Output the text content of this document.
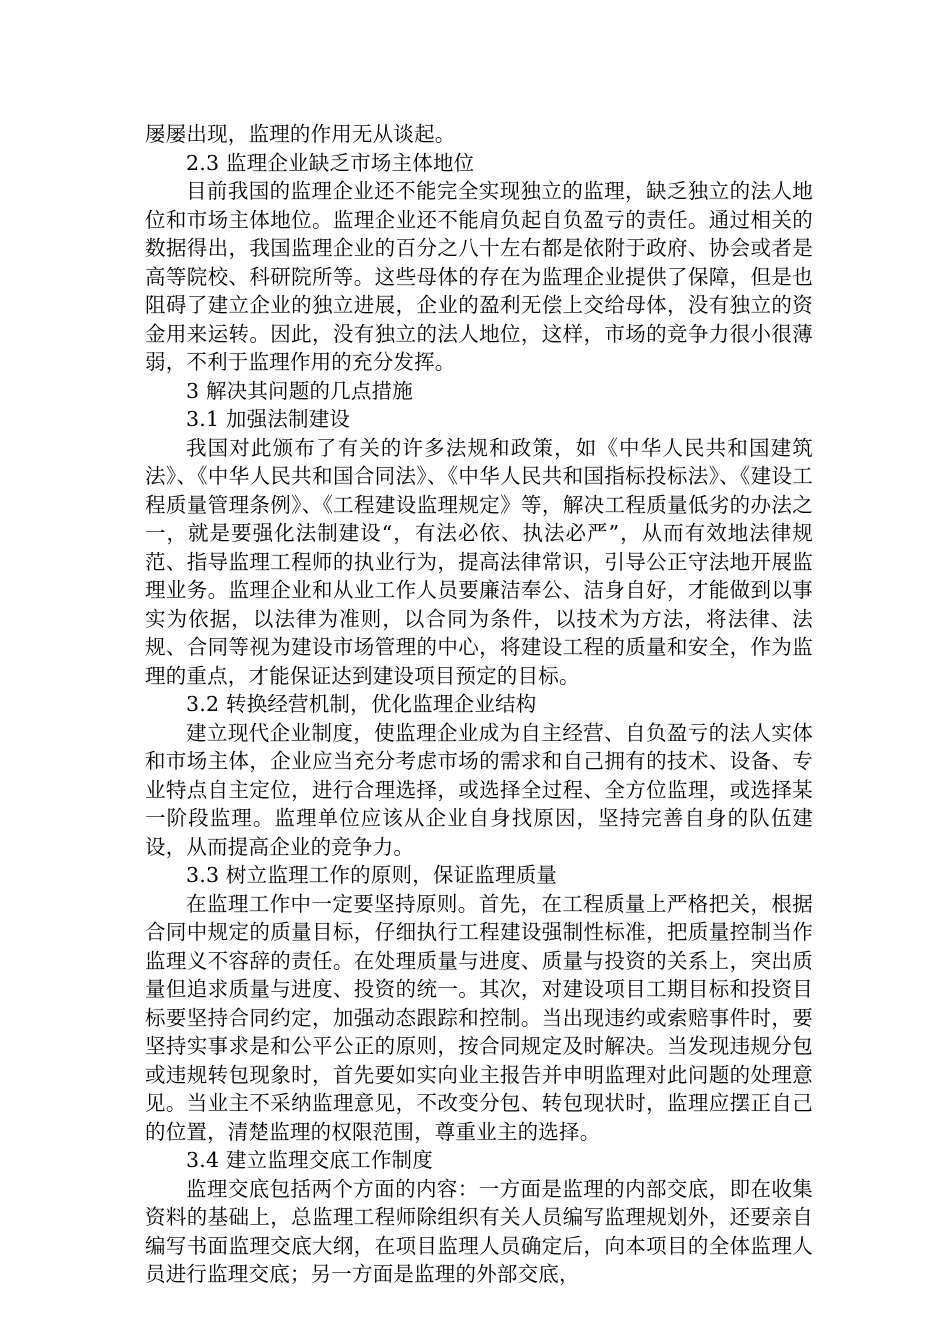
屡屡出现，监理的作用无从谈起。

2.3 监理企业缺乏市场主体地位

目前我国的监理企业还不能完全实现独立的监理，缺乏独立的法人地位和市场主体地位。监理企业还不能肩负起自负盈亏的责任。通过相关的数据得出，我国监理企业的百分之八十左右都是依附于政府、协会或者是高等院校、科研院所等。这些母体的存在为监理企业提供了保障，但是也阻碍了建立企业的独立进展，企业的盈利无偿上交给母体，没有独立的资金用来运转。因此，没有独立的法人地位，这样，市场的竞争力很小很薄弱，不利于监理作用的充分发挥。

3 解决其问题的几点措施

3.1 加强法制建设

我国对此颁布了有关的许多法规和政策，如《中华人民共和国建筑法》、《中华人民共和国合同法》、《中华人民共和国指标投标法》、《建设工程质量管理条例》、《工程建设监理规定》等，解决工程质量低劣的办法之一，就是要强化法制建设“，有法必依、执法必严”，从而有效地法律规范、指导监理工程师的执业行为，提高法律常识，引导公正守法地开展监理业务。监理企业和从业工作人员要廉洁奉公、洁身自好，才能做到以事实为依据，以法律为准则，以合同为条件，以技术为方法，将法律、法规、合同等视为建设市场管理的中心，将建设工程的质量和安全，作为监理的重点，才能保证达到建设项目预定的目标。

3.2 转换经营机制，优化监理企业结构

建立现代企业制度，使监理企业成为自主经营、自负盈亏的法人实体和市场主体，企业应当充分考虑市场的需求和自己拥有的技术、设备、专业特点自主定位，进行合理选择，或选择全过程、全方位监理，或选择某一阶段监理。监理单位应该从企业自身找原因，坚持完善自身的队伍建设，从而提高企业的竞争力。

3.3 树立监理工作的原则，保证监理质量

在监理工作中一定要坚持原则。首先，在工程质量上严格把关，根据合同中规定的质量目标，仔细执行工程建设强制性标准，把质量控制当作监理义不容辞的责任。在处理质量与进度、质量与投资的关系上，突出质量但追求质量与进度、投资的统一。其次，对建设项目工期目标和投资目标要坚持合同约定，加强动态跟踪和控制。当出现违约或索赔事件时，要坚持实事求是和公平公正的原则，按合同规定及时解决。当发现违规分包或违规转包现象时，首先要如实向业主报告并申明监理对此问题的处理意见。当业主不采纳监理意见，不改变分包、转包现状时，监理应摆正自己的位置，清楚监理的权限范围，尊重业主的选择。

3.4 建立监理交底工作制度

监理交底包括两个方面的内容：一方面是监理的内部交底，即在收集资料的基础上，总监理工程师除组织有关人员编写监理规划外，还要亲自编写书面监理交底大纲，在项目监理人员确定后，向本项目的全体监理人员进行监理交底；另一方面是监理的外部交底，
